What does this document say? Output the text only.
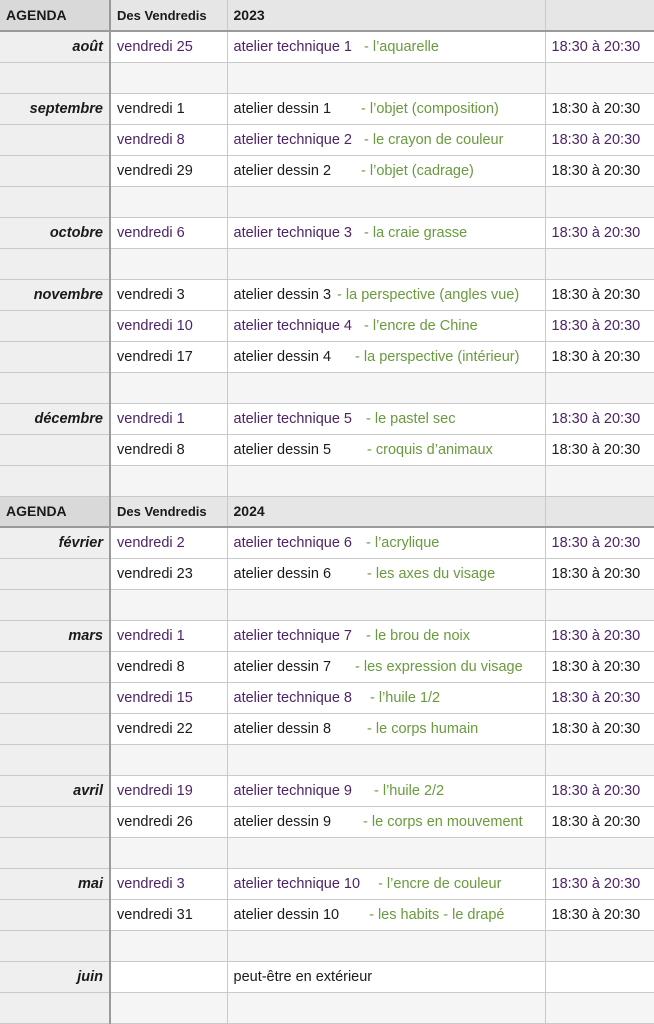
AGENDA	Des Vendredis	2023	
août	vendredi 25	atelier technique 1 - l’aquarelle	18:30 à 20:30

septembre	vendredi 1	atelier dessin 1 - l’objet (composition)	18:30 à 20:30
	vendredi 8	atelier technique 2 - le crayon de couleur	18:30 à 20:30
	vendredi 29	atelier dessin 2 - l’objet (cadrage)	18:30 à 20:30

octobre	vendredi 6	atelier technique 3 - la craie grasse	18:30 à 20:30

novembre	vendredi 3	atelier dessin 3 - la perspective (angles vue)	18:30 à 20:30
	vendredi 10	atelier technique 4 - l’encre de Chine	18:30 à 20:30
	vendredi 17	atelier dessin 4 - la perspective (intérieur)	18:30 à 20:30

décembre	vendredi 1	atelier technique 5 - le pastel sec	18:30 à 20:30
	vendredi 8	atelier dessin 5 - croquis d’animaux	18:30 à 20:30

AGENDA	Des Vendredis	2024	
février	vendredi 2	atelier technique 6 - l’acrylique	18:30 à 20:30
	vendredi 23	atelier dessin 6 - les axes du visage	18:30 à 20:30

mars	vendredi 1	atelier technique 7 - le brou de noix	18:30 à 20:30
	vendredi 8	atelier dessin 7 - les expression du visage	18:30 à 20:30
	vendredi 15	atelier technique 8 - l’huile 1/2	18:30 à 20:30
	vendredi 22	atelier dessin 8 - le corps humain	18:30 à 20:30

avril	vendredi 19	atelier technique 9 - l’huile 2/2	18:30 à 20:30
	vendredi 26	atelier dessin 9 - le corps en mouvement	18:30 à 20:30

mai	vendredi 3	atelier technique 10 - l’encre de couleur	18:30 à 20:30
	vendredi 31	atelier dessin 10 - les habits - le drapé	18:30 à 20:30

juin		peut-être en extérieur	
